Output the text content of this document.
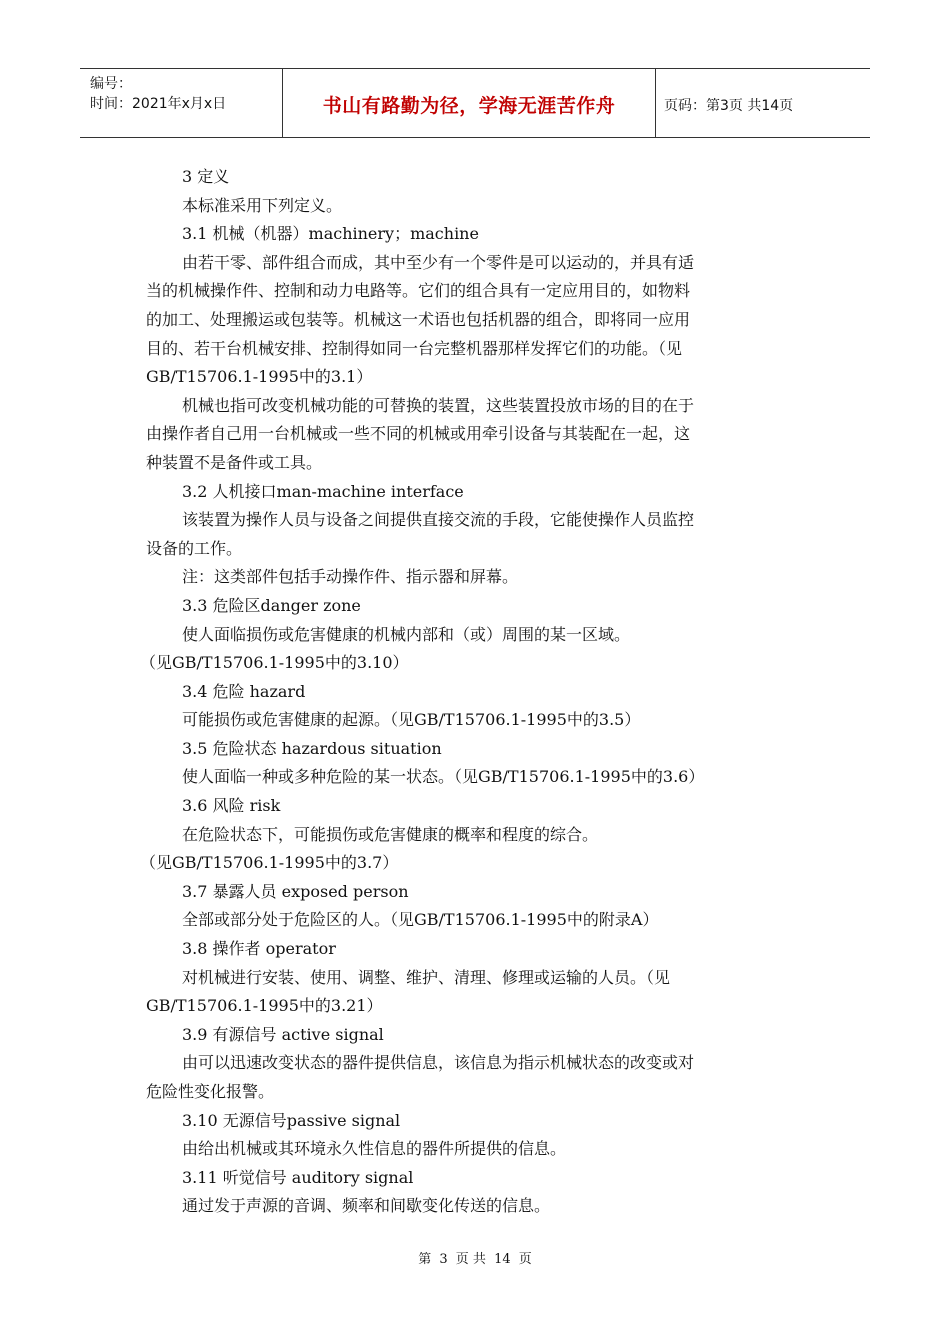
编号：
时间：2021年x月x日	书山有路勤为径，学海无涯苦作舟	页码：第3页 共14页
3 定义
本标准采用下列定义。
3.1 机械（机器）machinery；machine
由若干零、部件组合而成，其中至少有一个零件是可以运动的，并具有适
当的机械操作件、控制和动力电路等。它们的组合具有一定应用目的，如物料
的加工、处理搬运或包装等。机械这一术语也包括机器的组合，即将同一应用
目的、若干台机械安排、控制得如同一台完整机器那样发挥它们的功能。（见
GB/T15706.1-1995中的3.1）
机械也指可改变机械功能的可替换的装置，这些装置投放市场的目的在于
由操作者自己用一台机械或一些不同的机械或用牵引设备与其装配在一起，这
种装置不是备件或工具。
3.2 人机接口man-machine interface
该装置为操作人员与设备之间提供直接交流的手段，它能使操作人员监控
设备的工作。
注：这类部件包括手动操作件、指示器和屏幕。
3.3 危险区danger zone
使人面临损伤或危害健康的机械内部和（或）周围的某一区域。
（见GB/T15706.1-1995中的3.10）
3.4 危险 hazard
可能损伤或危害健康的起源。（见GB/T15706.1-1995中的3.5）
3.5 危险状态 hazardous situation
使人面临一种或多种危险的某一状态。（见GB/T15706.1-1995中的3.6）
3.6 风险 risk
在危险状态下，可能损伤或危害健康的概率和程度的综合。
（见GB/T15706.1-1995中的3.7）
3.7 暴露人员 exposed person
全部或部分处于危险区的人。（见GB/T15706.1-1995中的附录A）
3.8 操作者 operator
对机械进行安装、使用、调整、维护、清理、修理或运输的人员。（见
GB/T15706.1-1995中的3.21）
3.9 有源信号 active signal
由可以迅速改变状态的器件提供信息，该信息为指示机械状态的改变或对
危险性变化报警。
3.10 无源信号passive signal
由给出机械或其环境永久性信息的器件所提供的信息。
3.11 听觉信号 auditory signal
通过发于声源的音调、频率和间歇变化传送的信息。
第 3 页 共 14 页
